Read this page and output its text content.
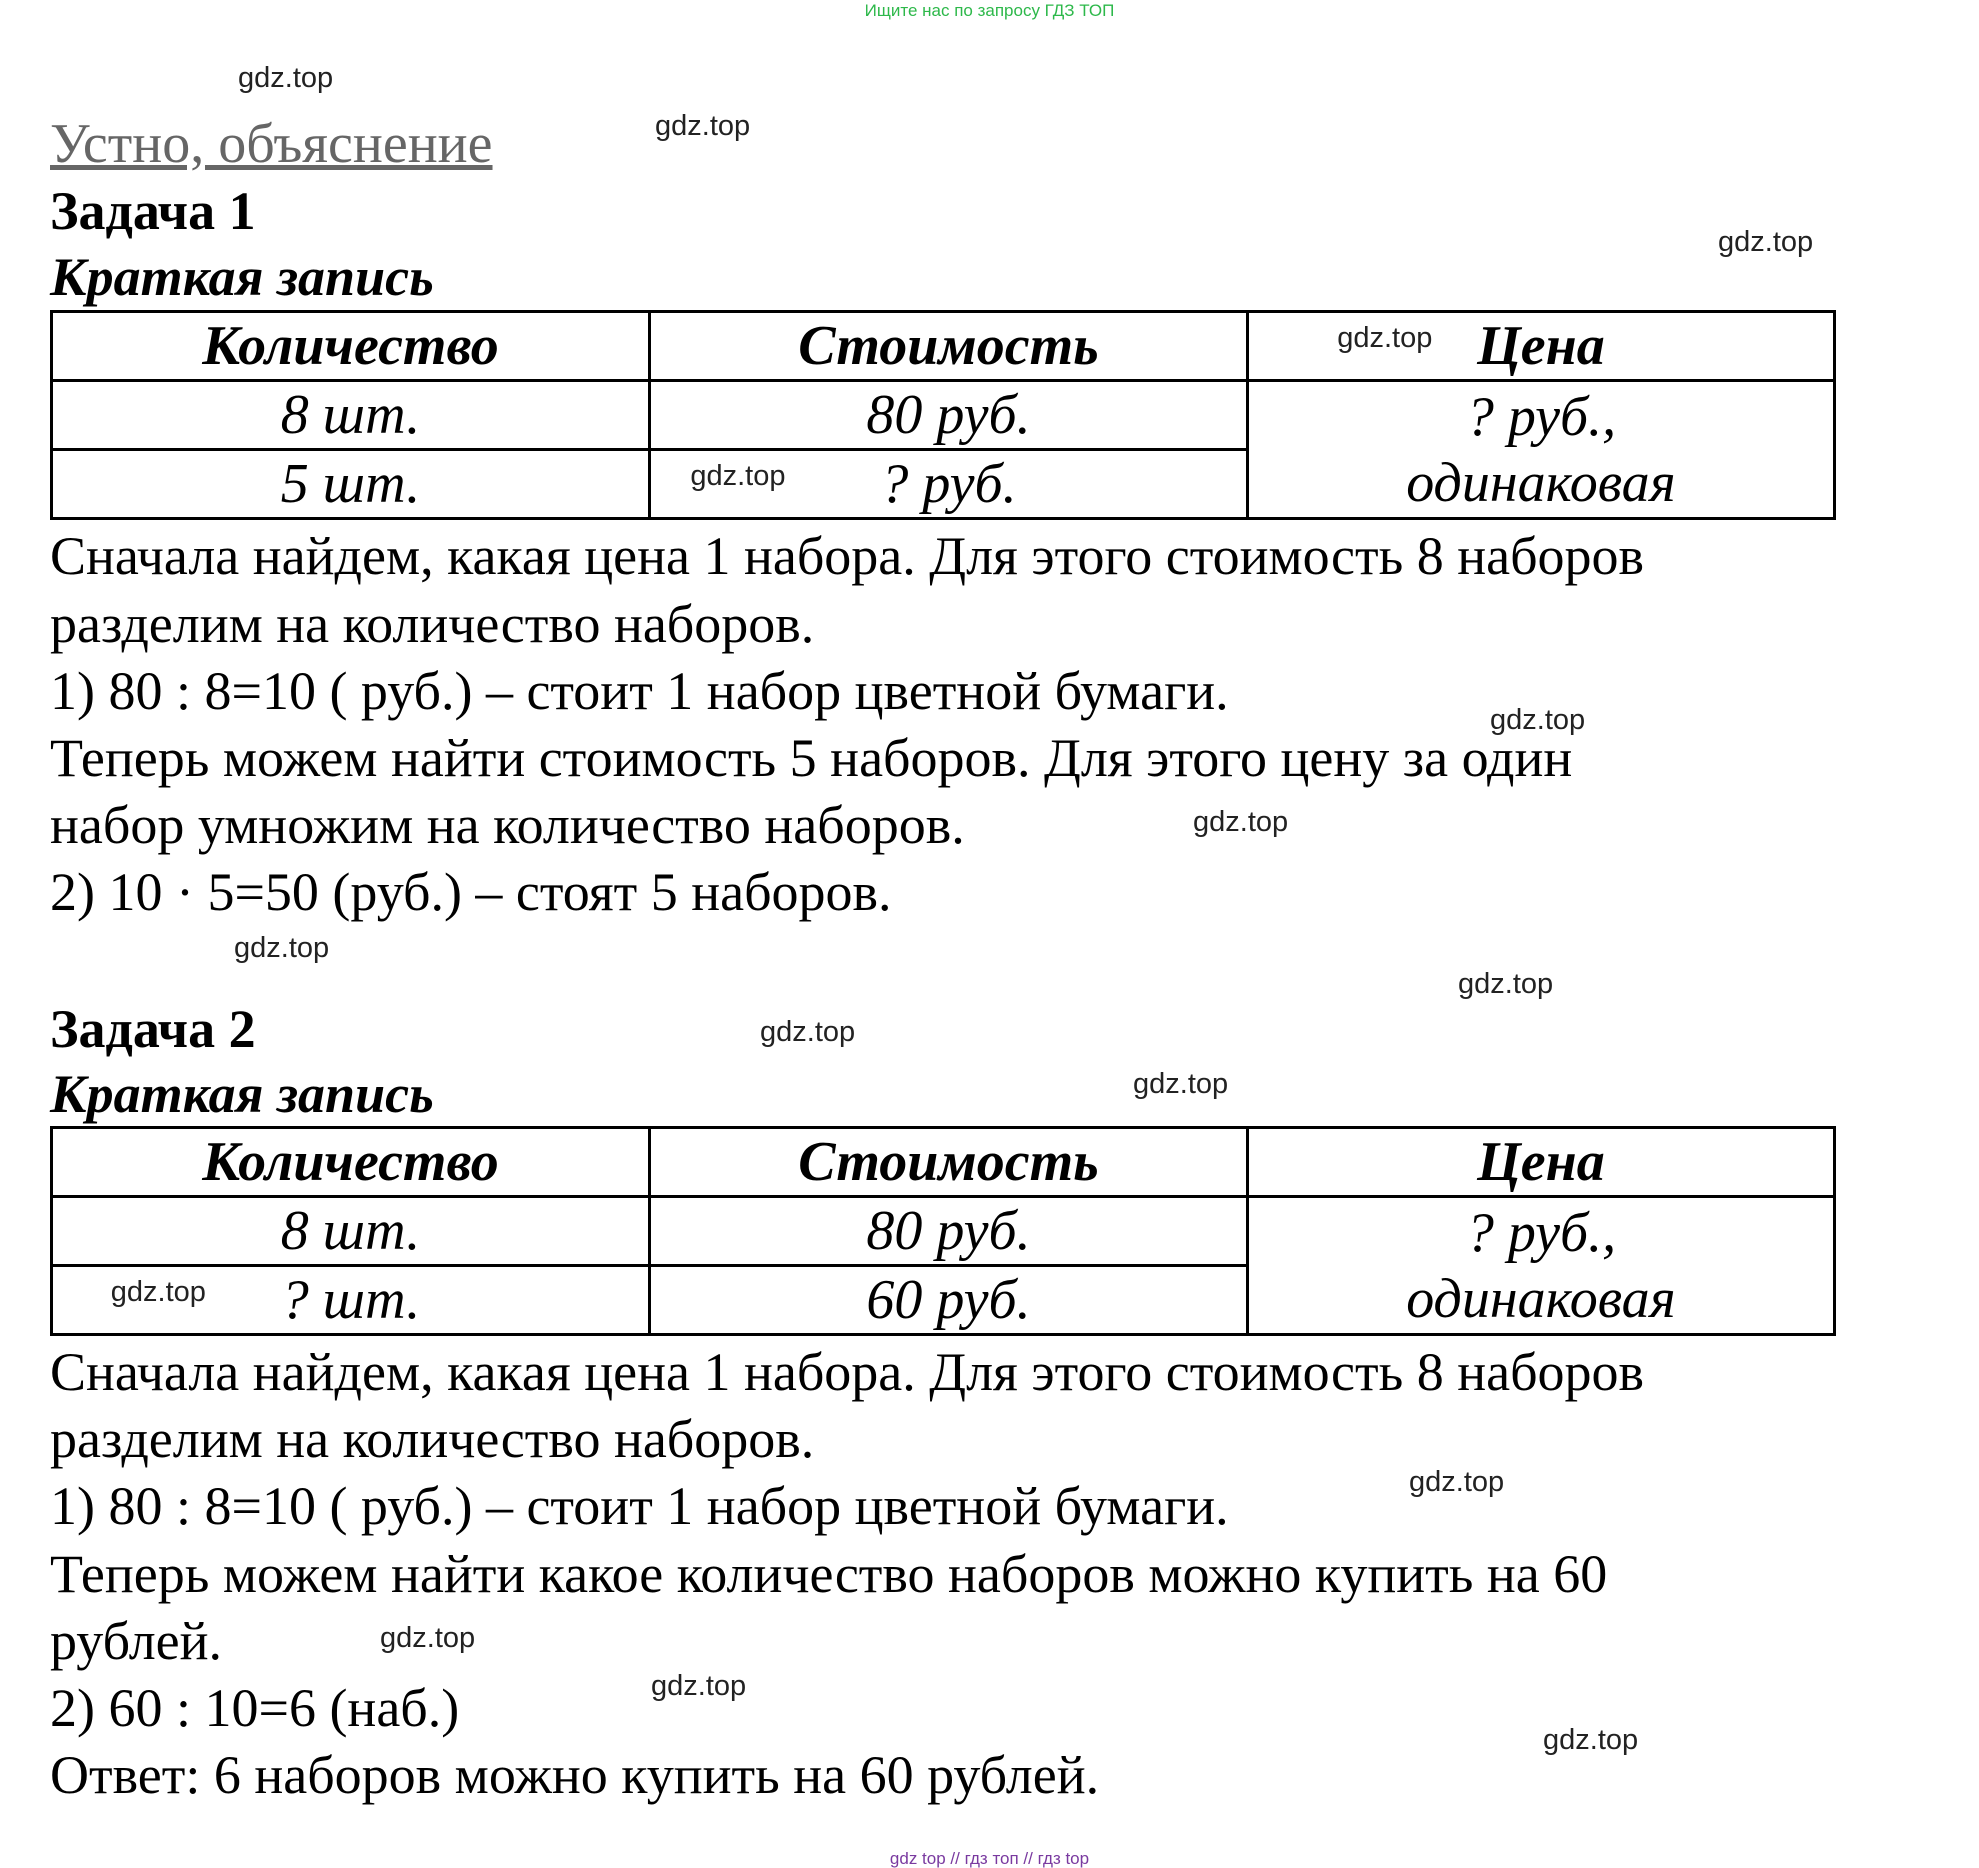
Ищите нас по запросу ГДЗ ТОП
gdz.top
gdz.top
gdz.top
gdz.top
gdz.top
gdz.top
gdz.top
gdz.top
gdz.top
gdz.top
gdz.top
gdz.top
gdz.top
Устно, объяснение
Задача 1
Краткая запись
Количество	Стоимость	gdz.top Цена
8 шт.	80 руб.	? руб.,
одинаковая

5 шт.	gdz.top ? руб.	
Сначала найдем, какая цена 1 набора. Для этого стоимость 8 наборов
разделим на количество наборов.
1) 80 : 8=10 ( руб.) – стоит 1 набор цветной бумаги.
Теперь можем найти стоимость 5 наборов. Для этого цену за один
набор умножим на количество наборов.
2) 10 · 5=50 (руб.) – стоят 5 наборов.
Задача 2
Краткая запись
Количество	Стоимость	Цена
8 шт.	80 руб.	? руб.,
одинаковая

gdz.top ? шт.	60 руб.	
Сначала найдем, какая цена 1 набора. Для этого стоимость 8 наборов
разделим на количество наборов.
1) 80 : 8=10 ( руб.) – стоит 1 набор цветной бумаги.
Теперь можем найти какое количество наборов можно купить на 60
рублей.
2) 60 : 10=6 (наб.)
Ответ: 6 наборов можно купить на 60 рублей.
gdz top // гдз топ // гдз top
